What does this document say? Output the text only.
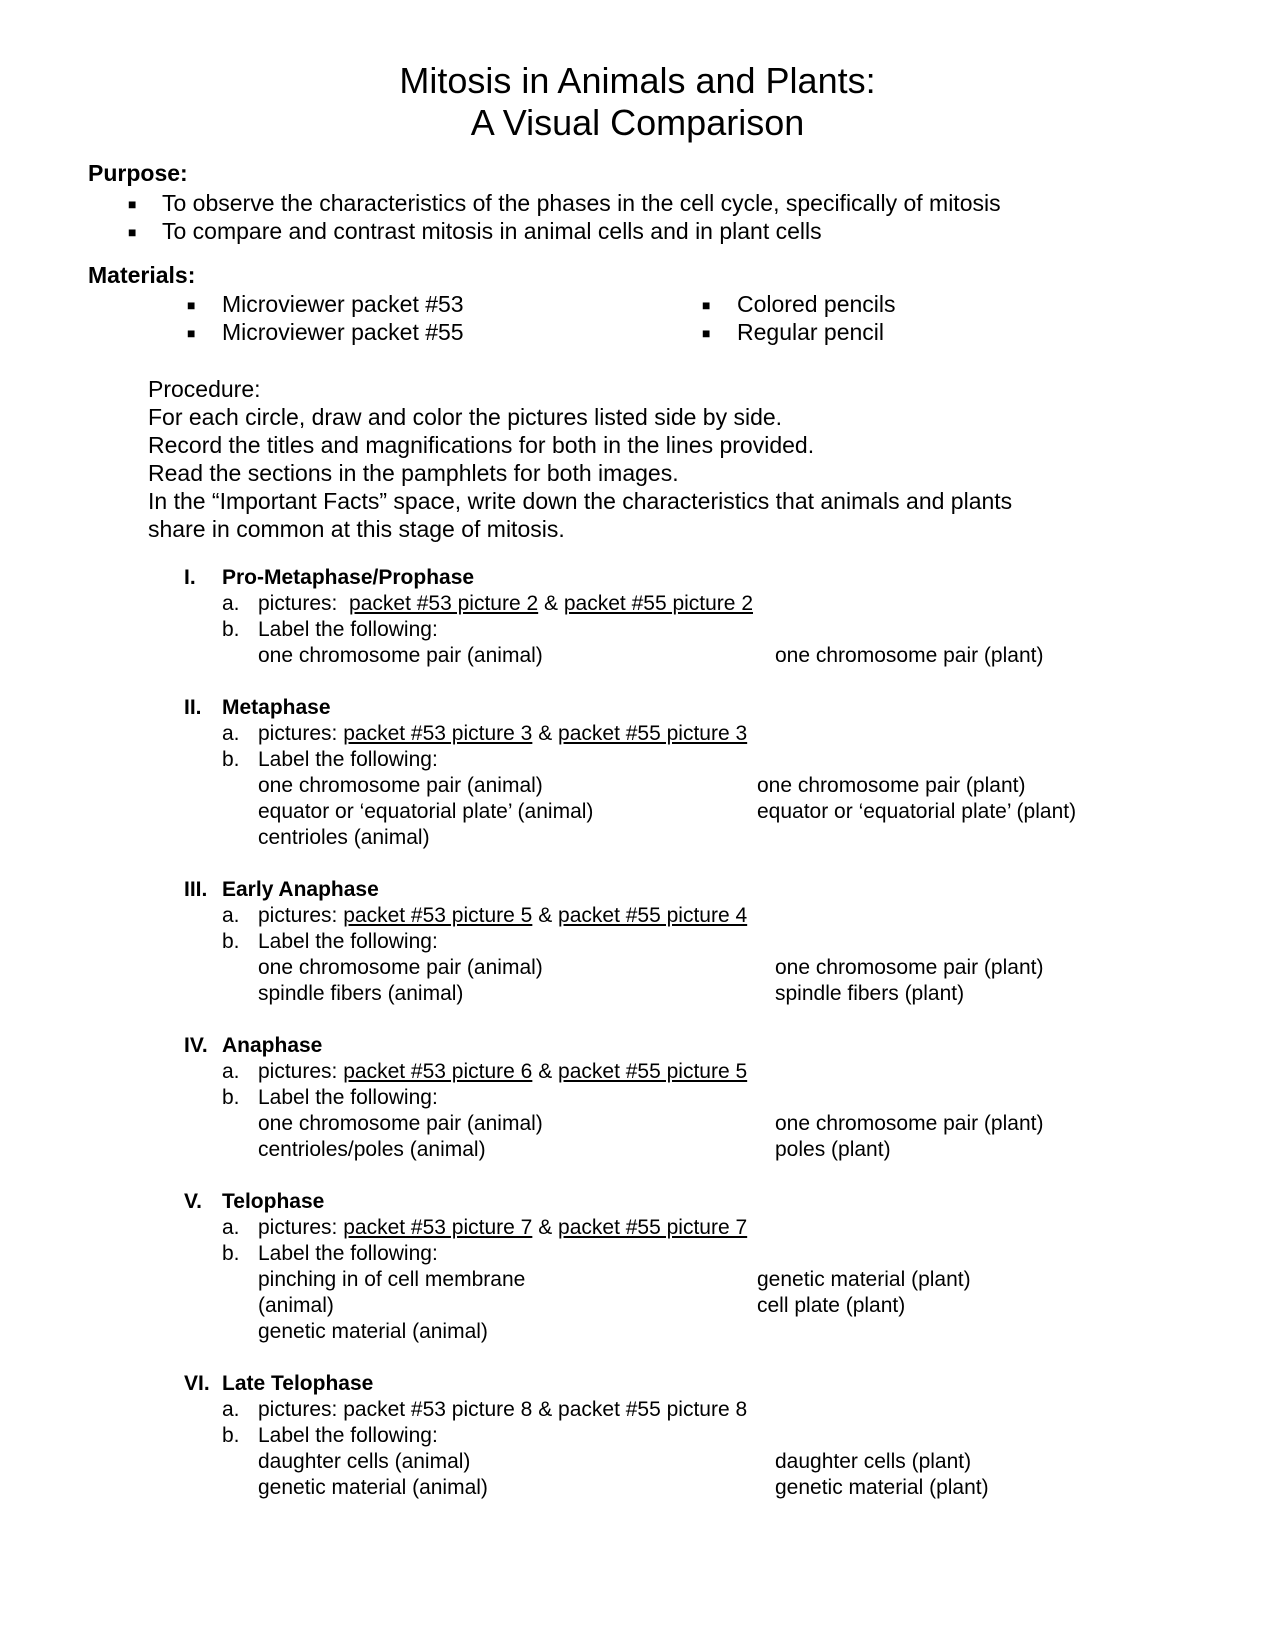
Mitosis in Animals and Plants:
A Visual Comparison
Purpose:
■ To observe the characteristics of the phases in the cell cycle, specifically of mitosis
■ To compare and contrast mitosis in animal cells and in plant cells
Materials:
■ Microviewer packet #53
■ Microviewer packet #55
■ Colored pencils
■ Regular pencil
Procedure:
For each circle, draw and color the pictures listed side by side.
Record the titles and magnifications for both in the lines provided.
Read the sections in the pamphlets for both images.
In the “Important Facts” space, write down the characteristics that animals and plants
share in common at this stage of mitosis.
I. Pro-Metaphase/Prophase
a. pictures: packet #53 picture 2 & packet #55 picture 2
b. Label the following:
one chromosome pair (animal)	one chromosome pair (plant)
II. Metaphase
a. pictures: packet #53 picture 3 & packet #55 picture 3
b. Label the following:
one chromosome pair (animal)
equator or ‘equatorial plate’ (animal)
centrioles (animal)
one chromosome pair (plant)
equator or ‘equatorial plate’ (plant)
III. Early Anaphase
a. pictures: packet #53 picture 5 & packet #55 picture 4
b. Label the following:
one chromosome pair (animal)
spindle fibers (animal)
one chromosome pair (plant)
spindle fibers (plant)
IV. Anaphase
a. pictures: packet #53 picture 6 & packet #55 picture 5
b. Label the following:
one chromosome pair (animal)
centrioles/poles (animal)
one chromosome pair (plant)
poles (plant)
V. Telophase
a. pictures: packet #53 picture 7 & packet #55 picture 7
b. Label the following:
pinching in of cell membrane
(animal)
genetic material (animal)
genetic material (plant)
cell plate (plant)
VI. Late Telophase
a. pictures: packet #53 picture 8 & packet #55 picture 8
b. Label the following:
daughter cells (animal)
genetic material (animal)
daughter cells (plant)
genetic material (plant)
